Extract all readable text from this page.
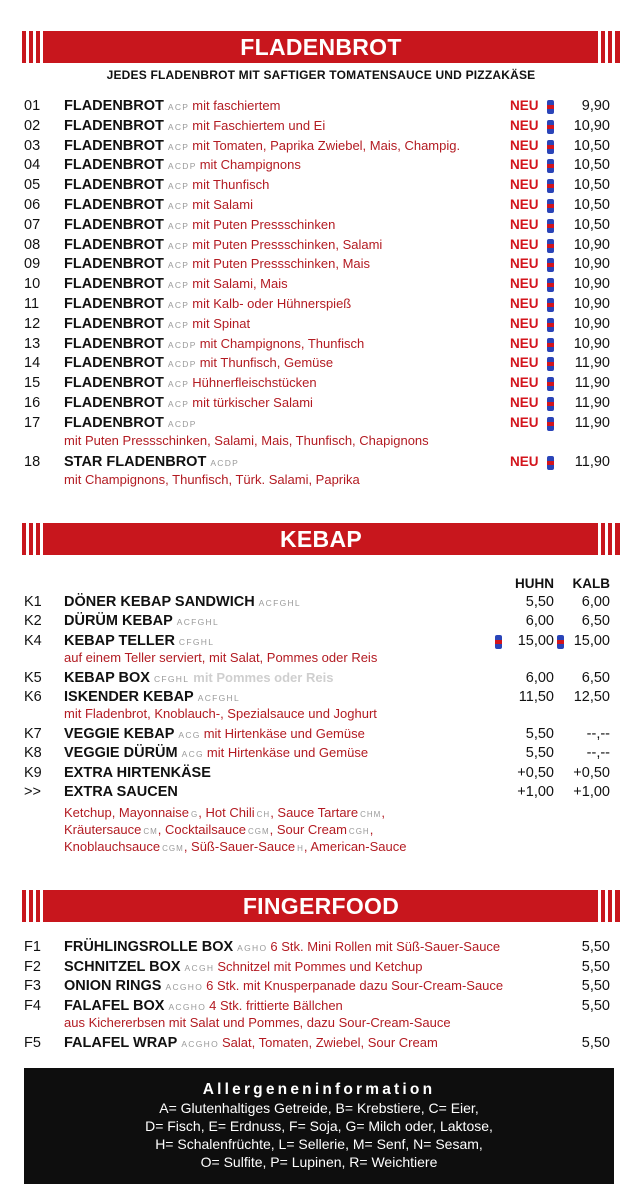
FLADENBROT
JEDES FLADENBROT MIT SAFTIGER TOMATENSAUCE UND PIZZAKÄSE
01 FLADENBROT ACP mit faschiertem	NEU	9,90
02 FLADENBROT ACP mit Faschiertem und Ei	NEU 10,90
03 FLADENBROT ACP mit Tomaten, Paprika Zwiebel, Mais, Champig.	NEU 10,50
04 FLADENBROT ACDP mit Champignons	NEU 10,50
05 FLADENBROT ACP mit Thunfisch	NEU 10,50
06 FLADENBROT ACP mit Salami	NEU 10,50
07 FLADENBROT ACP mit Puten Pressschinken	NEU 10,50
08 FLADENBROT ACP mit Puten Pressschinken, Salami	NEU 10,90
09 FLADENBROT ACP mit Puten Pressschinken, Mais	NEU 10,90
10 FLADENBROT ACP mit Salami, Mais	NEU 10,90
11 FLADENBROT ACP mit Kalb- oder Hühnerspieß	NEU 10,90
12 FLADENBROT ACP mit Spinat	NEU 10,90
13 FLADENBROT ACDP mit Champignons, Thunfisch	NEU 10,90
14 FLADENBROT ACDP mit Thunfisch, Gemüse	NEU	11,90
15 FLADENBROT ACP Hühnerfleischstücken	NEU	11,90
16 FLADENBROT ACP mit türkischer Salami	NEU	11,90
17 FLADENBROT ACDP	NEU	11,90
mit Puten Pressschinken, Salami, Mais, Thunfisch, Chapignons
18 STAR FLADENBROT ACDP	NEU	11,90
mit Champignons, Thunfisch, Türk. Salami, Paprika
KEBAP
HUHN KALB
K1 DÖNER KEBAP SANDWICH ACFGHL	5,50 6,00
K2 DÜRÜM KEBAP ACFGHL	6,00 6,50
K4 KEBAP TELLER CFGHL	15,00 15,00
auf einem Teller serviert, mit Salat, Pommes oder Reis
K5 KEBAP BOX CFGHL mit Pommes oder Reis	6,00 6,50
K6 ISKENDER KEBAP ACFGHL	11,50 12,50
mit Fladenbrot, Knoblauch-, Spezialsauce und Joghurt
K7 VEGGIE KEBAP ACG mit Hirtenkäse und Gemüse	5,50 --,--
K8 VEGGIE DÜRÜM ACG mit Hirtenkäse und Gemüse	5,50 --,--
K9 EXTRA HIRTENKÄSE	+0,50 +0,50
>> EXTRA SAUCEN	+1,00 +1,00
Ketchup, Mayonnaise G, Hot Chili CH, Sauce Tartare CHM,
Kräutersauce CM, Cocktailsauce CGM, Sour Cream CGH,
Knoblauchsauce CGM, Süß-Sauer-Sauce H, American-Sauce
FINGERFOOD
F1 FRÜHLINGSROLLE BOX AGHO 6 Stk. Mini Rollen mit Süß-Sauer-Sauce	5,50
F2 SCHNITZEL BOX ACGH Schnitzel mit Pommes und Ketchup	5,50
F3 ONION RINGS ACGHO 6 Stk. mit Knusperpanade dazu Sour-Cream-Sauce	5,50
F4 FALAFEL BOX ACGHO 4 Stk. frittierte Bällchen	5,50
aus Kichererbsen mit Salat und Pommes, dazu Sour-Cream-Sauce
F5 FALAFEL WRAP ACGHO Salat, Tomaten, Zwiebel, Sour Cream	5,50
Allergeneninformation
A= Glutenhaltiges Getreide, B= Krebstiere, C= Eier,
D= Fisch, E= Erdnuss, F= Soja, G= Milch oder, Laktose,
H= Schalenfrüchte, L= Sellerie, M= Senf, N= Sesam,
O= Sulfite, P= Lupinen, R= Weichtiere
